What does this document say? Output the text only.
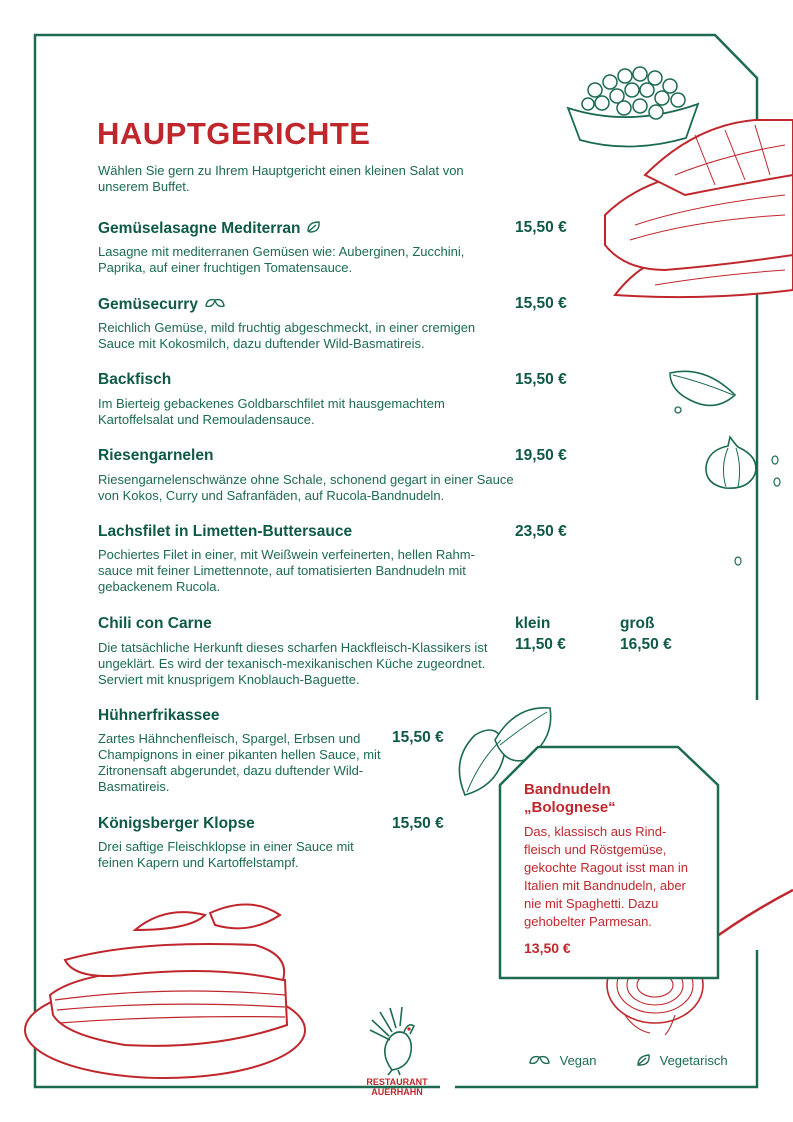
HAUPTGERICHTE
Wählen Sie gern zu Ihrem Hauptgericht einen kleinen Salat von unserem Buffet.
Gemüselasagne Mediterran	15,50 €
Lasagne mit mediterranen Gemüsen wie: Auberginen, Zucchini, Paprika, auf einer fruchtigen Tomatensauce.
Gemüsecurry	15,50 €
Reichlich Gemüse, mild fruchtig abgeschmeckt, in einer cremigen Sauce mit Kokosmilch, dazu duftender Wild-Basmatireis.
Backfisch	15,50 €
Im Bierteig gebackenes Goldbarschfilet mit hausgemachtem Kartoffelsalat und Remouladensauce.
Riesengarnelen	19,50 €
Riesengarnelenschwänze ohne Schale, schonend gegart in einer Sauce von Kokos, Curry und Safranfäden, auf Rucola-Bandnudeln.
Lachsfilet in Limetten-Buttersauce	23,50 €
Pochiertes Filet in einer, mit Weißwein verfeinerten, hellen Rahm-sauce mit feiner Limettennote, auf tomatisierten Bandnudeln mit gebackenem Rucola.
Chili con Carne	klein	groß
11,50 €	16,50 €
Die tatsächliche Herkunft dieses scharfen Hackfleisch-Klassikers ist ungeklärt. Es wird der texanisch-mexikanischen Küche zugeordnet. Serviert mit knusprigem Knoblauch-Baguette.
Hühnerfrikassee
15,50 €
Zartes Hähnchenfleisch, Spargel, Erbsen und Champignons in einer pikanten hellen Sauce, mit Zitronensaft abgerundet, dazu duftender Wild-Basmatireis.
Königsberger Klopse	15,50 €
Drei saftige Fleischklopse in einer Sauce mit feinen Kapern und Kartoffelstampf.
Bandnudeln
„Bolognese“
Das, klassisch aus Rind-fleisch und Röstgemüse, gekochte Ragout isst man in Italien mit Bandnudeln, aber nie mit Spaghetti. Dazu gehobelter Parmesan.
13,50 €
RESTAURANT
AUERHAHN
Vegan	Vegetarisch
